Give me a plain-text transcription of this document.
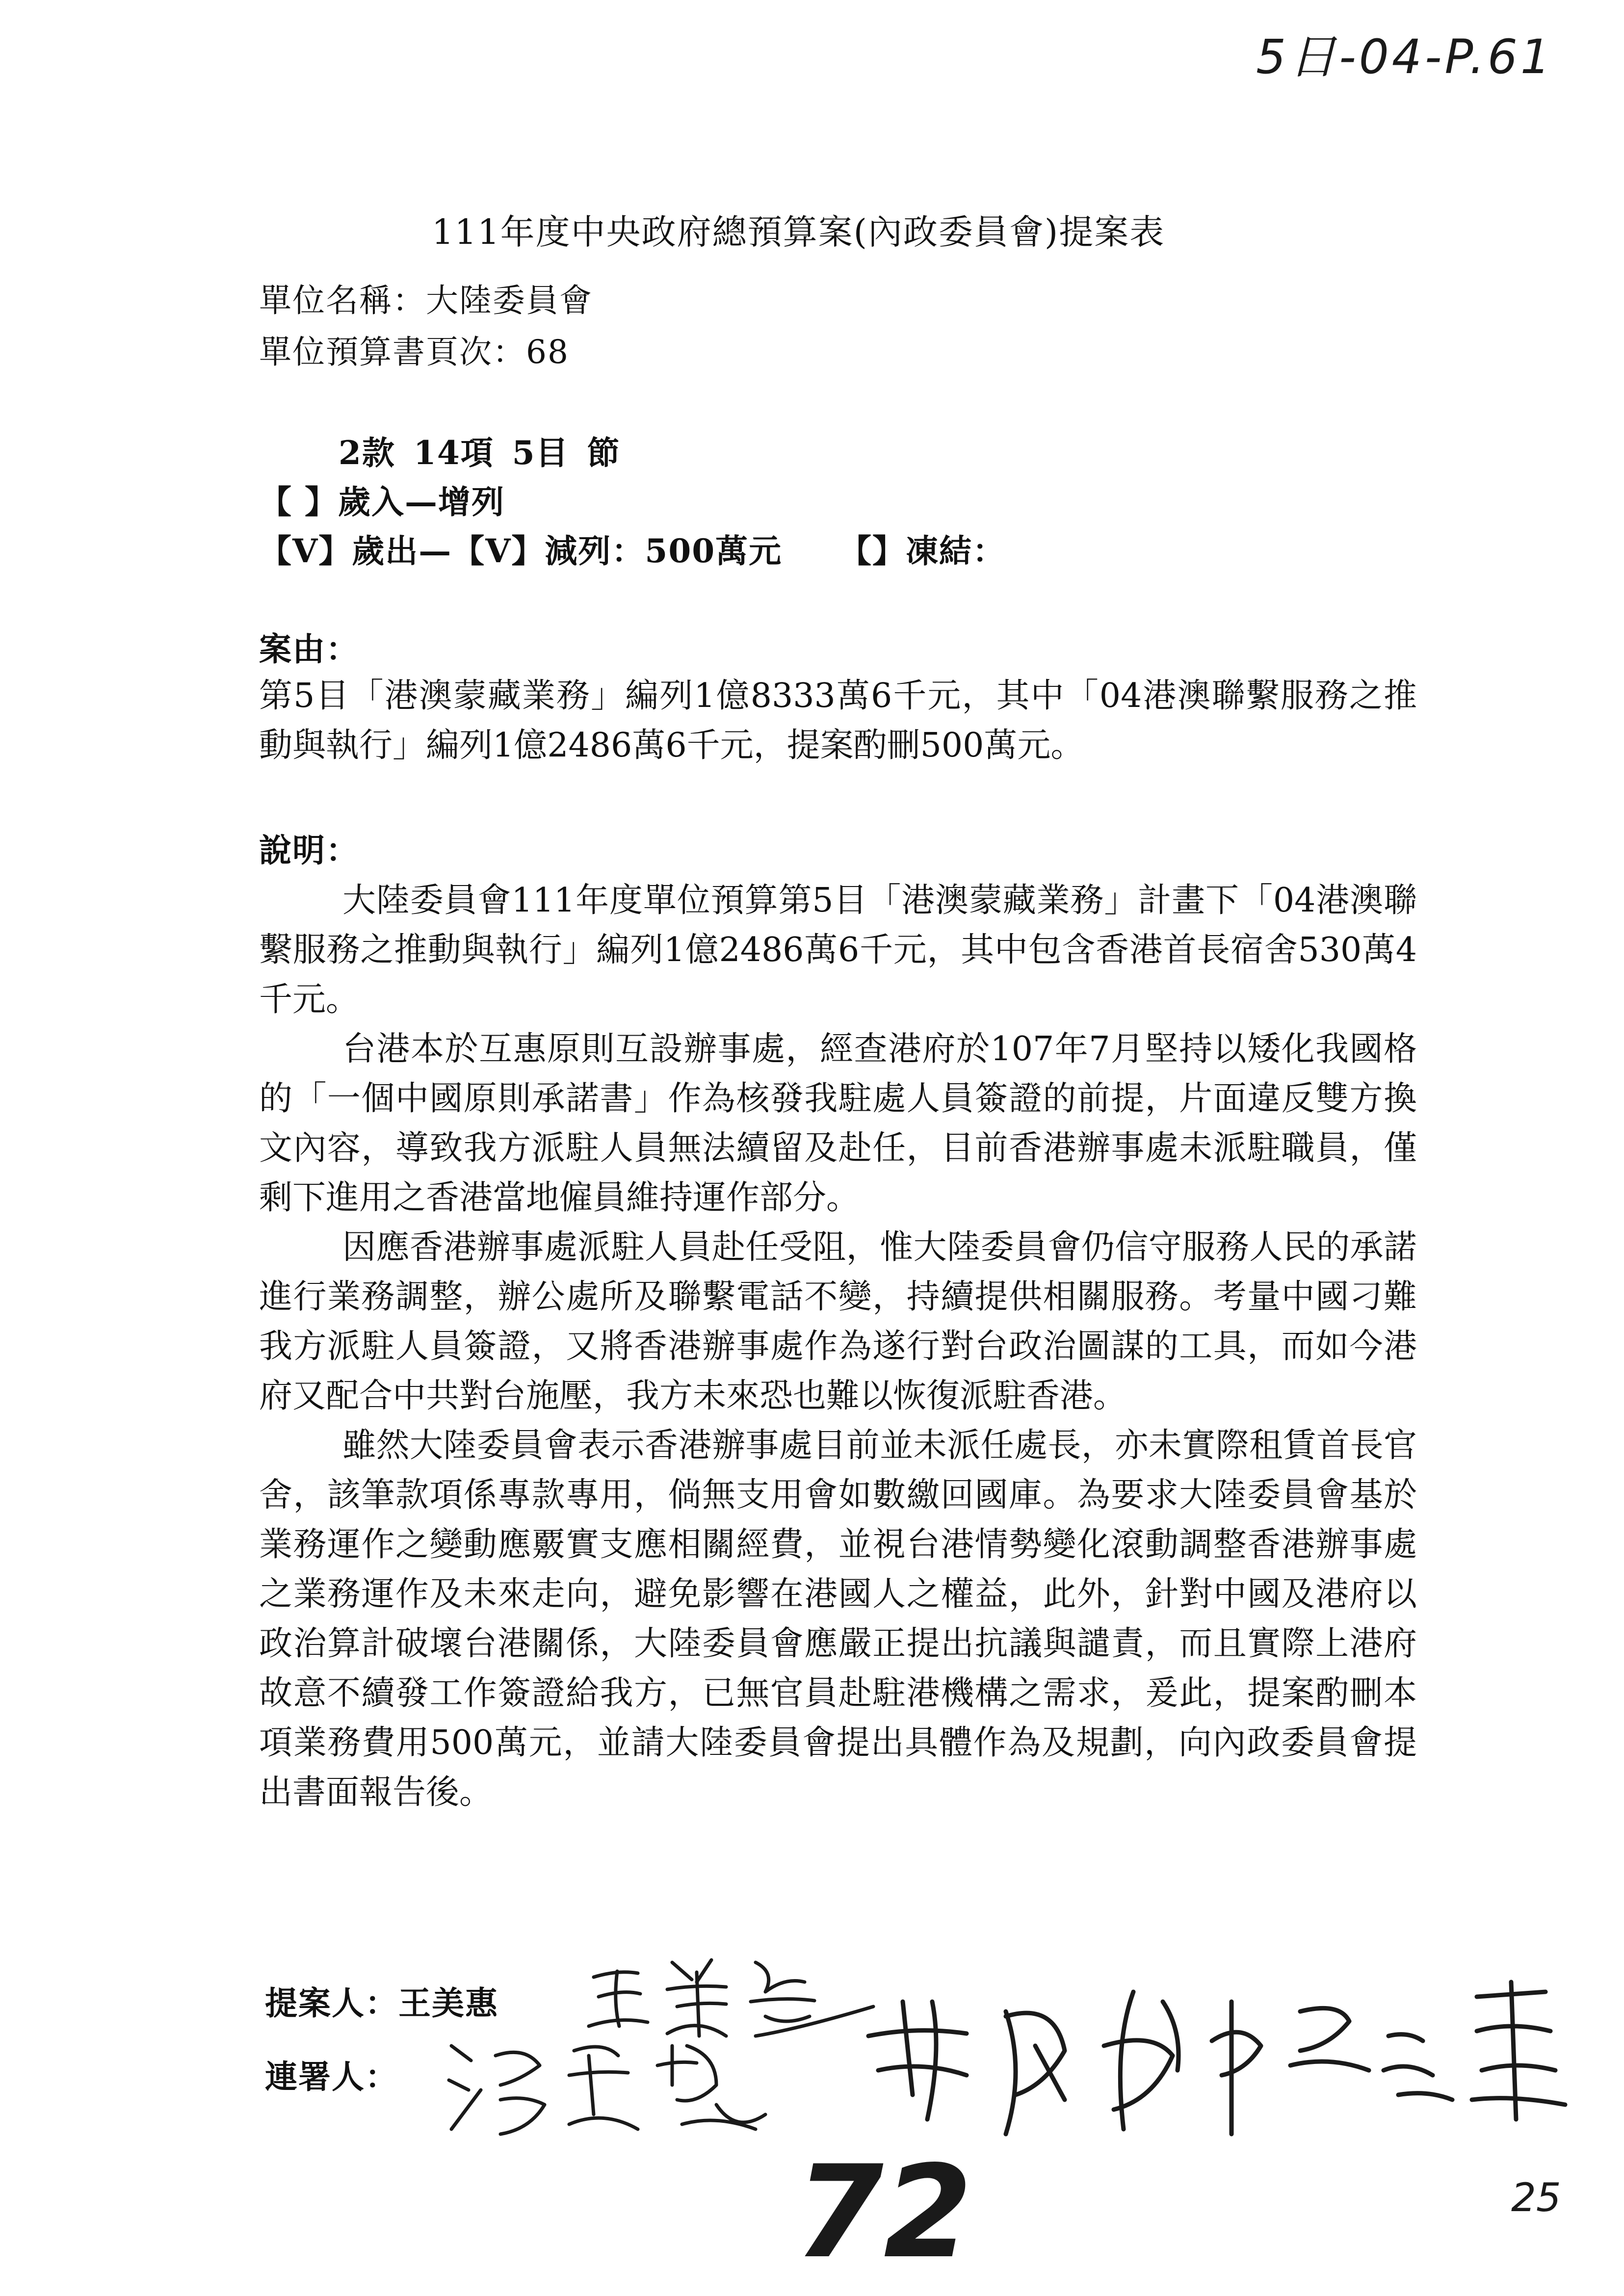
5日-04-P.61
111年度中央政府總預算案(內政委員會)提案表
單位名稱：大陸委員會
單位預算書頁次：68
2款 14項 5目 節
【 】歲入—增列
【V】歲出—【V】減列：500萬元 【】凍結：
案由：

第5目「港澳蒙藏業務」編列1億8333萬6千元，其中「04港澳聯繫服務之推動與執行」編列1億2486萬6千元，提案酌刪500萬元。

說明：

大陸委員會111年度單位預算第5目「港澳蒙藏業務」計畫下「04港澳聯繫服務之推動與執行」編列1億2486萬6千元，其中包含香港首長宿舍530萬4千元。

台港本於互惠原則互設辦事處，經查港府於107年7月堅持以矮化我國格的「一個中國原則承諾書」作為核發我駐處人員簽證的前提，片面違反雙方換文內容，導致我方派駐人員無法續留及赴任，目前香港辦事處未派駐職員，僅剩下進用之香港當地僱員維持運作部分。

因應香港辦事處派駐人員赴任受阻，惟大陸委員會仍信守服務人民的承諾進行業務調整，辦公處所及聯繫電話不變，持續提供相關服務。考量中國刁難我方派駐人員簽證，又將香港辦事處作為遂行對台政治圖謀的工具，而如今港府又配合中共對台施壓，我方未來恐也難以恢復派駐香港。

雖然大陸委員會表示香港辦事處目前並未派任處長，亦未實際租賃首長官舍，該筆款項係專款專用，倘無支用會如數繳回國庫。為要求大陸委員會基於業務運作之變動應覈實支應相關經費，並視台港情勢變化滾動調整香港辦事處之業務運作及未來走向，避免影響在港國人之權益，此外，針對中國及港府以政治算計破壞台港關係，大陸委員會應嚴正提出抗議與譴責，而且實際上港府故意不續發工作簽證給我方，已無官員赴駐港機構之需求，爰此，提案酌刪本項業務費用500萬元，並請大陸委員會提出具體作為及規劃，向內政委員會提出書面報告後。

提案人：王美惠
連署人：
72	25
